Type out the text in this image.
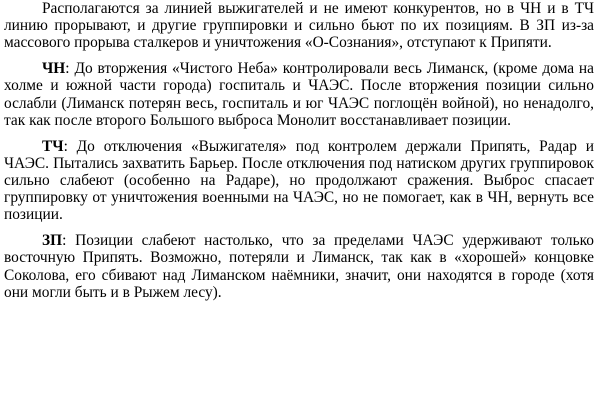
Располагаются за линией выжигателей и не имеют конкурентов, но в ЧН и в ТЧ линию прорывают, и другие группировки и сильно бьют по их позициям. В ЗП из-за массового прорыва сталкеров и уничтожения «О-Сознания», отступают к Припяти.

ЧН: До вторжения «Чистого Неба» контролировали весь Лиманск, (кроме дома на холме и южной части города) госпиталь и ЧАЭС. После вторжения позиции сильно ослабли (Лиманск потерян весь, госпиталь и юг ЧАЭС поглощён войной), но ненадолго, так как после второго Большого выброса Монолит восстанавливает позиции.

ТЧ: До отключения «Выжигателя» под контролем держали Припять, Радар и ЧАЭС. Пытались захватить Барьер. После отключения под натиском других группировок сильно слабеют (особенно на Радаре), но продолжают сражения. Выброс спасает группировку от уничтожения военными на ЧАЭС, но не помогает, как в ЧН, вернуть все позиции.

ЗП: Позиции слабеют настолько, что за пределами ЧАЭС удерживают только восточную Припять. Возможно, потеряли и Лиманск, так как в «хорошей» концовке Соколова, его сбивают над Лиманском наёмники, значит, они находятся в городе (хотя они могли быть и в Рыжем лесу).
